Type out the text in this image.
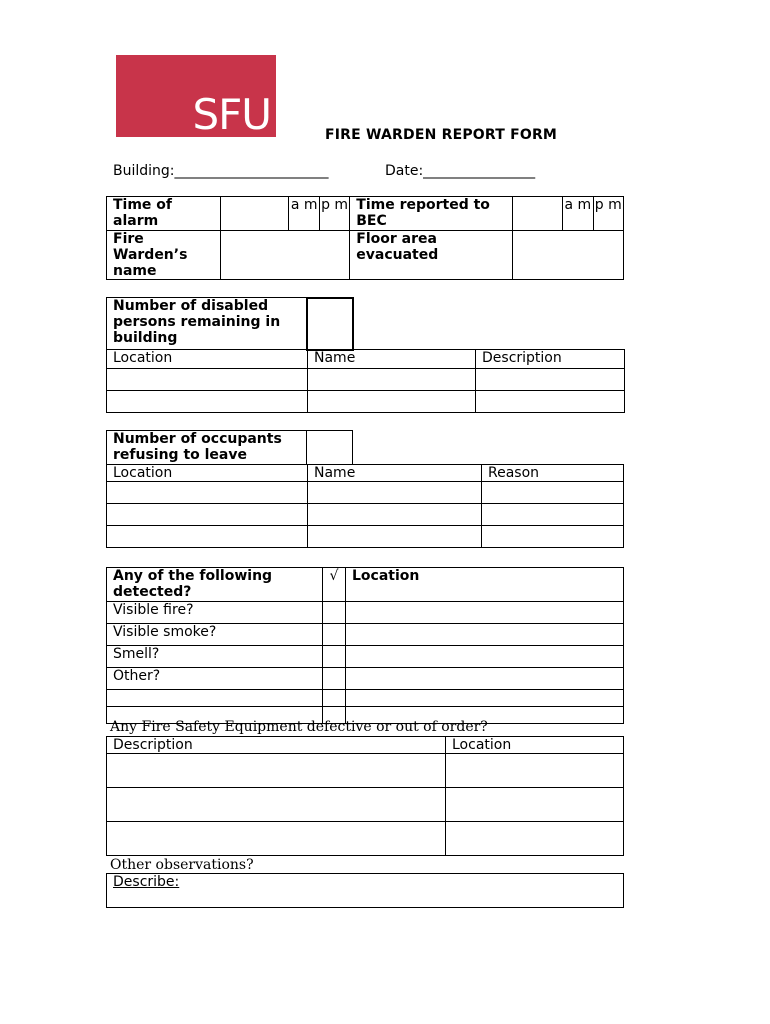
SFU	FIRE WARDEN REPORT FORM
Building:______________________	Date:________________
Time of alarm		a m	p m	Time reported to BEC		a m	p m
Fire Warden’s name				Floor area evacuated			
Number of disabled persons remaining in building
Location	Name	Description

Number of occupants refusing to leave	
Location	Name	Reason

Any of the following detected?	√	Location
Visible fire?		
Visible smoke?		
Smell?		
Other?		

Any Fire Safety Equipment defective or out of order?
Description	Location

Other observations?
Describe:
